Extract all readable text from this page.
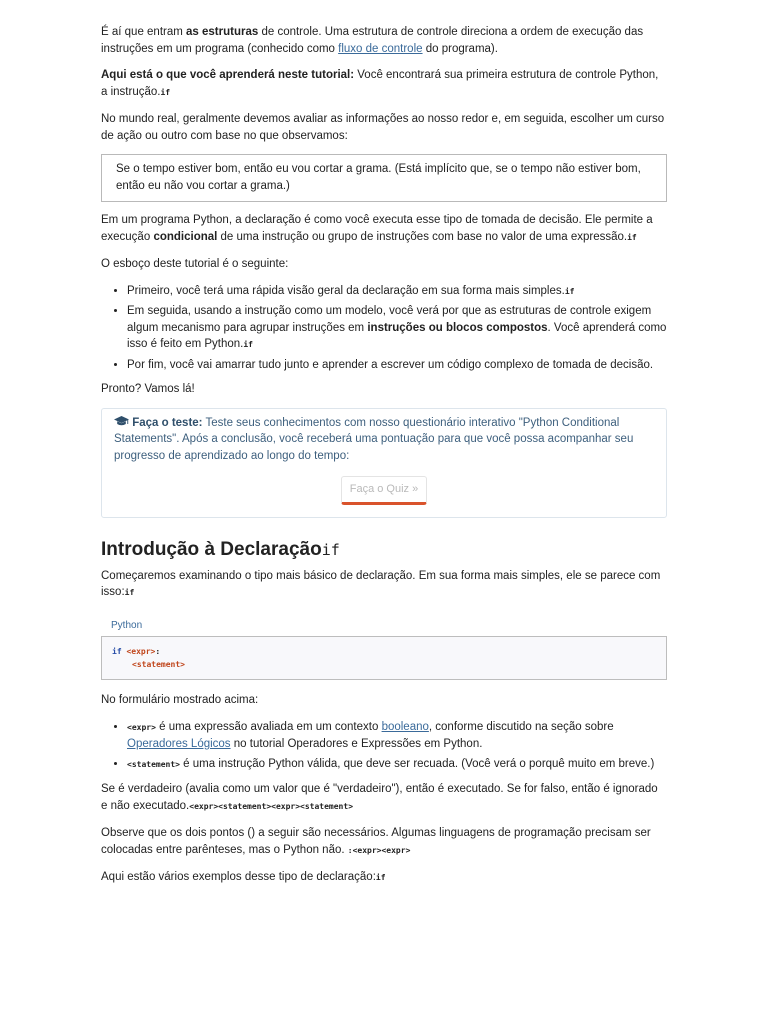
É aí que entram as estruturas de controle. Uma estrutura de controle direciona a ordem de execução das instruções em um programa (conhecido como fluxo de controle do programa).

Aqui está o que você aprenderá neste tutorial: Você encontrará sua primeira estrutura de controle Python, a instrução.if

No mundo real, geralmente devemos avaliar as informações ao nosso redor e, em seguida, escolher um curso de ação ou outro com base no que observamos:

Se o tempo estiver bom, então eu vou cortar a grama. (Está implícito que, se o tempo não estiver bom, então eu não vou cortar a grama.)

Em um programa Python, a declaração é como você executa esse tipo de tomada de decisão. Ele permite a execução condicional de uma instrução ou grupo de instruções com base no valor de uma expressão.if

O esboço deste tutorial é o seguinte:

• Primeiro, você terá uma rápida visão geral da declaração em sua forma mais simples.if
• Em seguida, usando a instrução como um modelo, você verá por que as estruturas de controle exigem algum mecanismo para agrupar instruções em instruções ou blocos compostos. Você aprenderá como isso é feito em Python.if
• Por fim, você vai amarrar tudo junto e aprender a escrever um código complexo de tomada de decisão.

Pronto? Vamos lá!

Faça o teste: Teste seus conhecimentos com nosso questionário interativo "Python Conditional Statements". Após a conclusão, você receberá uma pontuação para que você possa acompanhar seu progresso de aprendizado ao longo do tempo:
Faça o Quiz »
Introdução à Declaraçãoif

Começaremos examinando o tipo mais básico de declaração. Em sua forma mais simples, ele se parece com isso:if

Python
if <expr>:
<statement>

No formulário mostrado acima:

• <expr> é uma expressão avaliada em um contexto booleano, conforme discutido na seção sobre Operadores Lógicos no tutorial Operadores e Expressões em Python.
• <statement> é uma instrução Python válida, que deve ser recuada. (Você verá o porquê muito em breve.)

Se é verdadeiro (avalia como um valor que é "verdadeiro"), então é executado. Se for falso, então é ignorado e não executado.<expr><statement><expr><statement>

Observe que os dois pontos () a seguir são necessários. Algumas linguagens de programação precisam ser colocadas entre parênteses, mas o Python não. :<expr><expr>

Aqui estão vários exemplos desse tipo de declaração:if
